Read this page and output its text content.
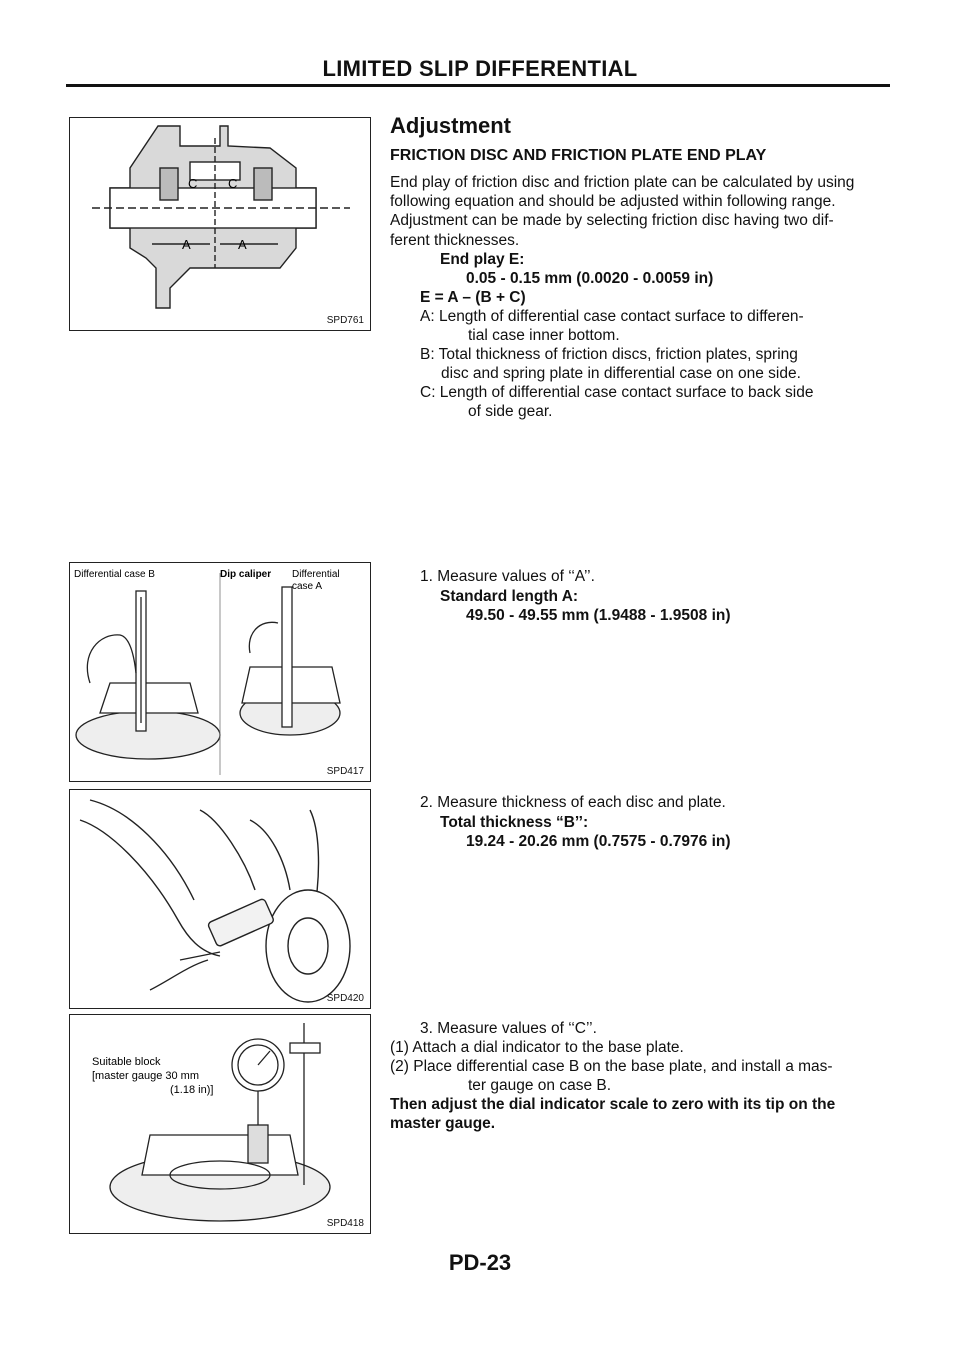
LIMITED SLIP DIFFERENTIAL
C C
A	A
SPD761
Differential case B	Dip caliper Differential
case A
SPD417
SPD420
Suitable block
[master gauge 30 mm
(1.18 in)]
SPD418
Adjustment
FRICTION DISC AND FRICTION PLATE END PLAY
End play of friction disc and friction plate can be calculated by using
following equation and should be adjusted within following range.
Adjustment can be made by selecting friction disc having two dif-
ferent thicknesses.
End play E:
0.05 - 0.15 mm (0.0020 - 0.0059 in)
E = A – (B + C)
A: Length of differential case contact surface to differen-
tial case inner bottom.
B: Total thickness of friction discs, friction plates, spring
disc and spring plate in differential case on one side.
C: Length of differential case contact surface to back side
of side gear.
1. Measure values of ‘‘A’’.
Standard length A:
49.50 - 49.55 mm (1.9488 - 1.9508 in)
2. Measure thickness of each disc and plate.
Total thickness “B’’:
19.24 - 20.26 mm (0.7575 - 0.7976 in)
3. Measure values of ‘‘C’’.
(1) Attach a dial indicator to the base plate.
(2) Place differential case B on the base plate, and install a mas-
ter gauge on case B.
Then adjust the dial indicator scale to zero with its tip on the
master gauge.
PD-23
